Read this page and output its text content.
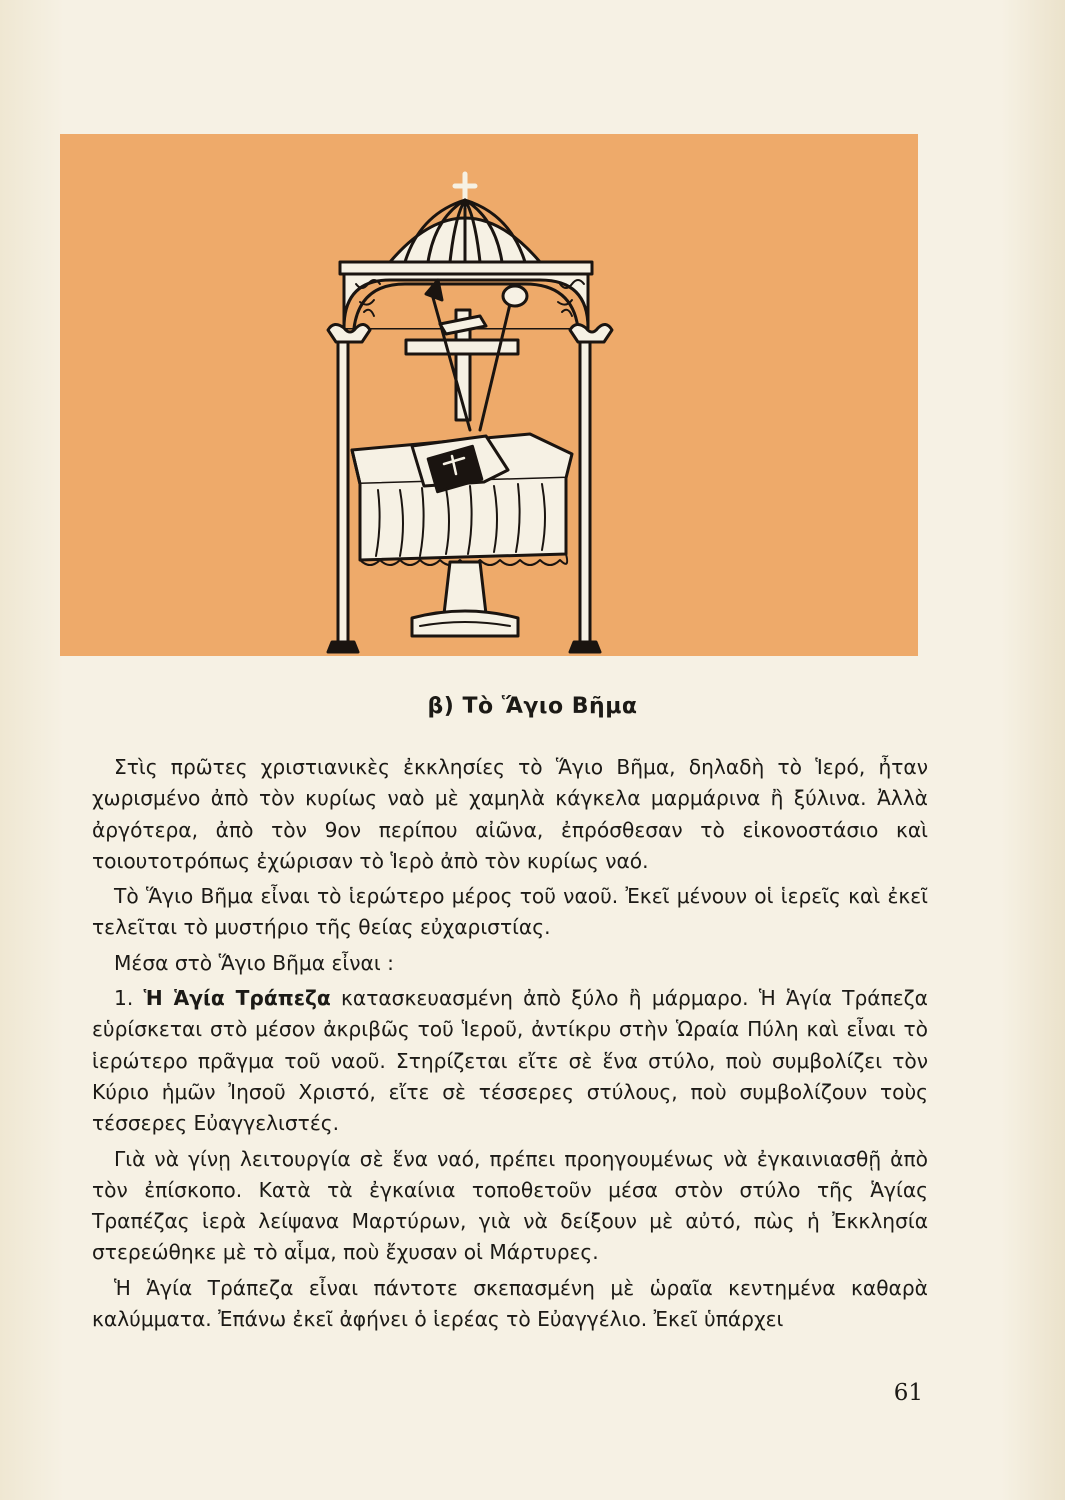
β) Τὸ Ἅγιο Βῆμα

Στὶς πρῶτες χριστιανικὲς ἐκκλησίες τὸ Ἅγιο Βῆμα, δηλαδὴ τὸ Ἱερό, ἦταν χωρισμένο ἀπὸ τὸν κυρίως ναὸ μὲ χαμηλὰ κάγκελα μαρμάρινα ἢ ξύλινα. Ἀλλὰ ἀργότερα, ἀπὸ τὸν 9ον περίπου αἰῶνα, ἐπρόσθεσαν τὸ εἰκονοστάσιο καὶ τοιουτοτρόπως ἐχώρισαν τὸ Ἱερὸ ἀπὸ τὸν κυρίως ναό.

Τὸ Ἅγιο Βῆμα εἶναι τὸ ἱερώτερο μέρος τοῦ ναοῦ. Ἐκεῖ μένουν οἱ ἱερεῖς καὶ ἐκεῖ τελεῖται τὸ μυστήριο τῆς θείας εὐχαριστίας.

Μέσα στὸ Ἅγιο Βῆμα εἶναι :

1. Ἡ Ἁγία Τράπεζα κατασκευασμένη ἀπὸ ξύλο ἢ μάρμαρο. Ἡ Ἁγία Τράπεζα εὑρίσκεται στὸ μέσον ἀκριβῶς τοῦ Ἱεροῦ, ἀντίκρυ στὴν Ὡραία Πύλη καὶ εἶναι τὸ ἱερώτερο πρᾶγμα τοῦ ναοῦ. Στηρίζεται εἴτε σὲ ἕνα στύλο, ποὺ συμβολίζει τὸν Κύριο ἡμῶν Ἰησοῦ Χριστό, εἴτε σὲ τέσσερες στύλους, ποὺ συμβολίζουν τοὺς τέσσερες Εὐαγγελιστές.

Γιὰ νὰ γίνῃ λειτουργία σὲ ἕνα ναό, πρέπει προηγουμένως νὰ ἐγκαινιασθῇ ἀπὸ τὸν ἐπίσκοπο. Κατὰ τὰ ἐγκαίνια τοποθετοῦν μέσα στὸν στύλο τῆς Ἁγίας Τραπέζας ἱερὰ λείψανα Μαρτύρων, γιὰ νὰ δείξουν μὲ αὐτό, πὼς ἡ Ἐκκλησία στερεώθηκε μὲ τὸ αἷμα, ποὺ ἔχυσαν οἱ Μάρτυρες.

Ἡ Ἁγία Τράπεζα εἶναι πάντοτε σκεπασμένη μὲ ὡραῖα κεντημένα καθαρὰ καλύμματα. Ἐπάνω ἐκεῖ ἀφήνει ὁ ἱερέας τὸ Εὐαγγέλιο. Ἐκεῖ ὑπάρχει

61
